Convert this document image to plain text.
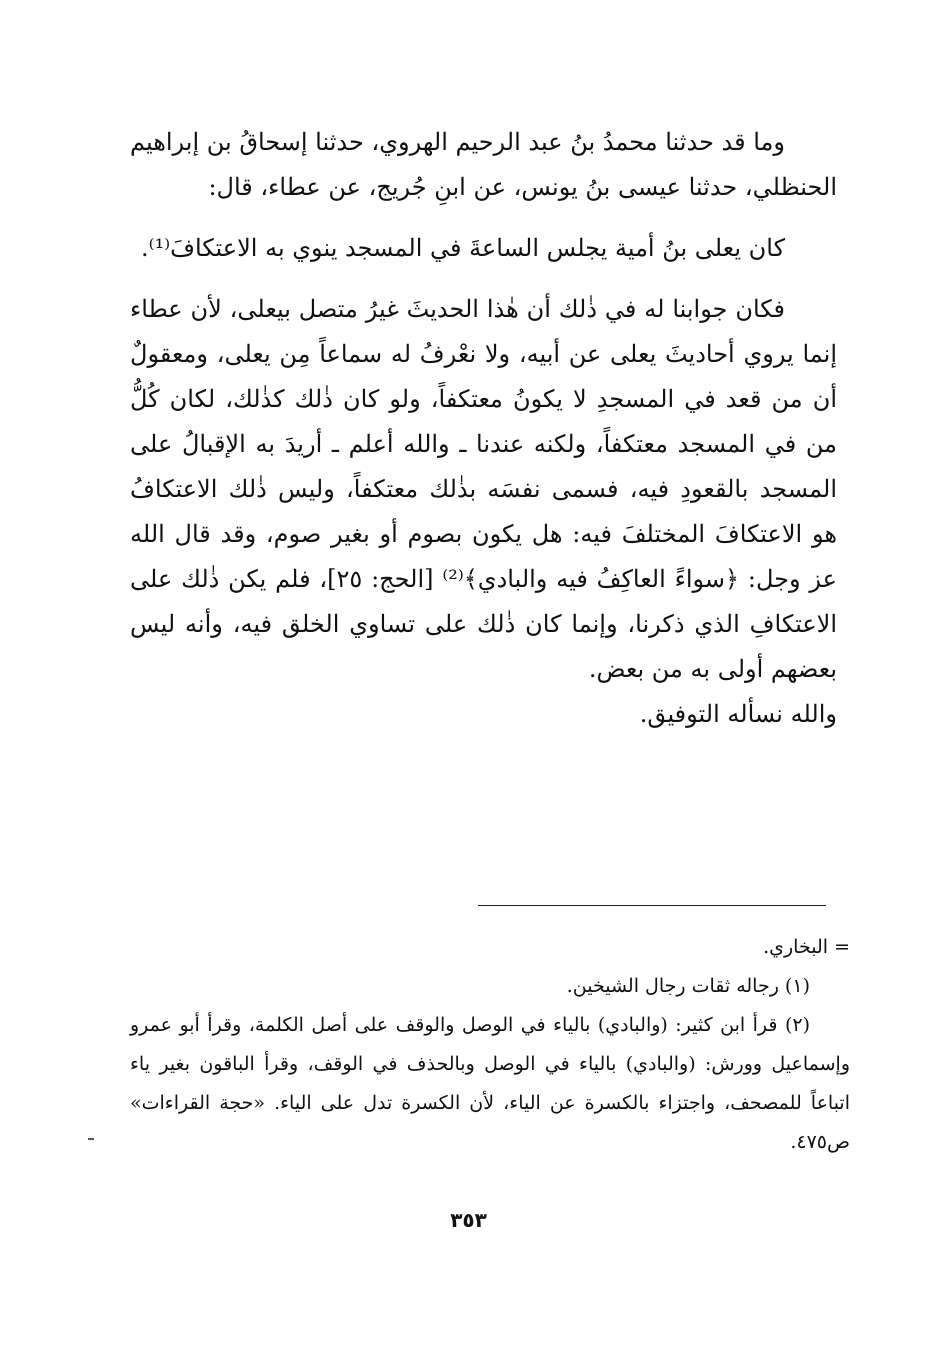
وما قد حدثنا محمدُ بنُ عبد الرحيم الهروي، حدثنا إسحاقُ بن إبراهيم الحنظلي، حدثنا عيسى بنُ يونس، عن ابنِ جُريج، عن عطاء، قال:

كان يعلى بنُ أمية يجلس الساعةَ في المسجد ينوي به الاعتكافَ⁽¹⁾.

فكان جوابنا له في ذٰلك أن هٰذا الحديثَ غيرُ متصل بيعلى، لأن عطاء إنما يروي أحاديثَ يعلى عن أبيه، ولا نعْرفُ له سماعاً مِن يعلى، ومعقولٌ أن من قعد في المسجدِ لا يكونُ معتكفاً، ولو كان ذٰلك كذٰلك، لكان كُلُّ من في المسجد معتكفاً، ولكنه عندنا ـ والله أعلم ـ أريدَ به الإقبالُ على المسجد بالقعودِ فيه، فسمى نفسَه بذٰلك معتكفاً، وليس ذٰلك الاعتكافُ هو الاعتكافَ المختلفَ فيه: هل يكون بصوم أو بغير صوم، وقد قال الله عز وجل: ﴿سواءً العاكِفُ فيه والبادي﴾⁽²⁾ [الحج: ٢٥]، فلم يكن ذٰلك على الاعتكافِ الذي ذكرنا، وإنما كان ذٰلك على تساوي الخلق فيه، وأنه ليس بعضهم أولى به من بعض.

والله نسأله التوفيق.

= البخاري.

(١) رجاله ثقات رجال الشيخين.

(٢) قرأ ابن كثير: (والبادي) بالياء في الوصل والوقف على أصل الكلمة، وقرأ أبو عمرو وإسماعيل وورش: (والبادي) بالياء في الوصل وبالحذف في الوقف، وقرأ الباقون بغير ياء اتباعاً للمصحف، واجتزاء بالكسرة عن الياء، لأن الكسرة تدل على الياء. «حجة القراءات» ص٤٧٥.

٣٥٣
